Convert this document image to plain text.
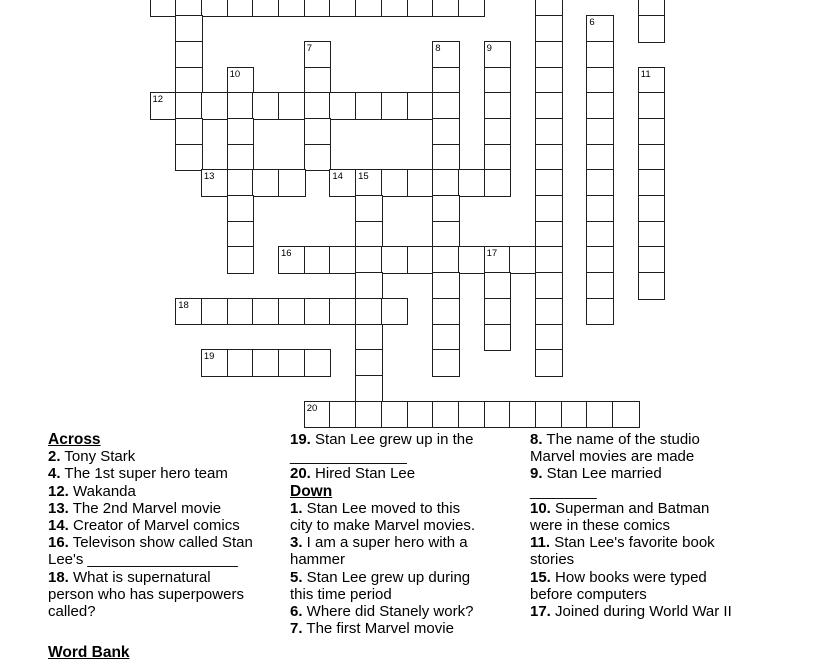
6
7	8	9
10	11
12
13	14 15
16	17
18
19
20
Across
2. Tony Stark
4. The 1st super hero team
12. Wakanda
13. The 2nd Marvel movie
14. Creator of Marvel comics
16. Televison show called Stan
Lee's __________________
18. What is supernatural
person who has superpowers
called?
Word Bank
19. Stan Lee grew up in the
______________
20. Hired Stan Lee
Down
1. Stan Lee moved to this
city to make Marvel movies.
3. I am a super hero with a
hammer
5. Stan Lee grew up during
this time period
6. Where did Stanely work?
7. The first Marvel movie
8. The name of the studio
Marvel movies are made
9. Stan Lee married
________
10. Superman and Batman
were in these comics
11. Stan Lee's favorite book
stories
15. How books were typed
before computers
17. Joined during World War II
